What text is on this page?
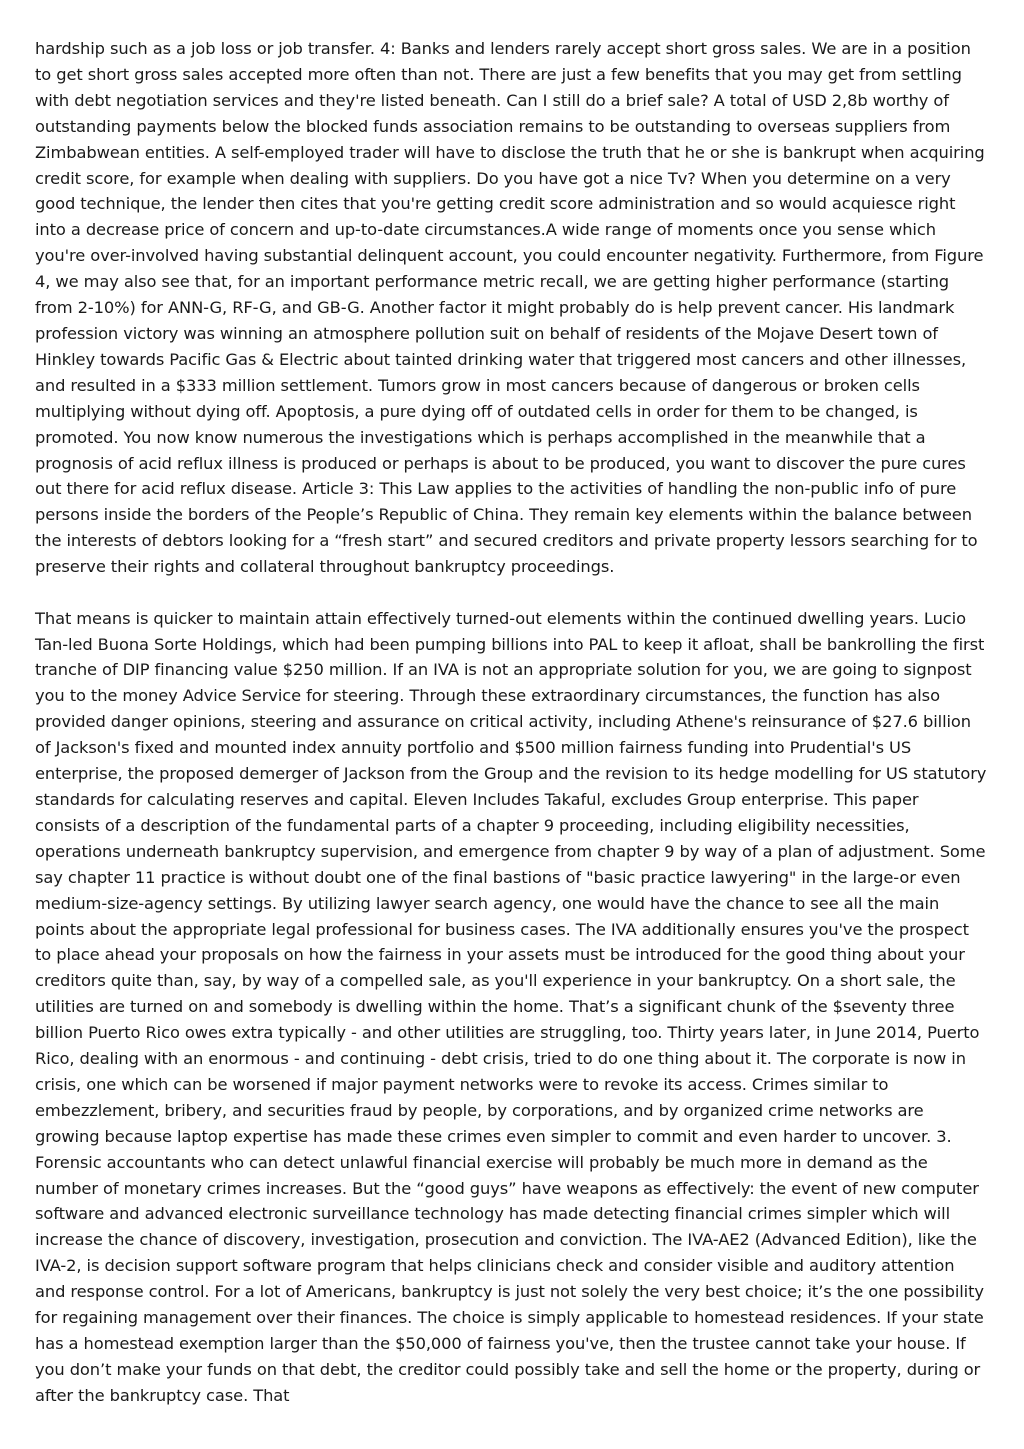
hardship such as a job loss or job transfer. 4: Banks and lenders rarely accept short gross sales. We are in a position to get short gross sales accepted more often than not. There are just a few benefits that you may get from settling with debt negotiation services and they're listed beneath. Can I still do a brief sale? A total of USD 2,8b worthy of outstanding payments below the blocked funds association remains to be outstanding to overseas suppliers from Zimbabwean entities. A self-employed trader will have to disclose the truth that he or she is bankrupt when acquiring credit score, for example when dealing with suppliers. Do you have got a nice Tv? When you determine on a very good technique, the lender then cites that you're getting credit score administration and so would acquiesce right into a decrease price of concern and up-to-date circumstances.A wide range of moments once you sense which you're over-involved having substantial delinquent account, you could encounter negativity. Furthermore, from Figure 4, we may also see that, for an important performance metric recall, we are getting higher performance (starting from 2-10%) for ANN-G, RF-G, and GB-G. Another factor it might probably do is help prevent cancer. His landmark profession victory was winning an atmosphere pollution suit on behalf of residents of the Mojave Desert town of Hinkley towards Pacific Gas & Electric about tainted drinking water that triggered most cancers and other illnesses, and resulted in a $333 million settlement. Tumors grow in most cancers because of dangerous or broken cells multiplying without dying off. Apoptosis, a pure dying off of outdated cells in order for them to be changed, is promoted. You now know numerous the investigations which is perhaps accomplished in the meanwhile that a prognosis of acid reflux illness is produced or perhaps is about to be produced, you want to discover the pure cures out there for acid reflux disease. Article 3: This Law applies to the activities of handling the non-public info of pure persons inside the borders of the People’s Republic of China. They remain key elements within the balance between the interests of debtors looking for a “fresh start” and secured creditors and private property lessors searching for to preserve their rights and collateral throughout bankruptcy proceedings.

That means is quicker to maintain attain effectively turned-out elements within the continued dwelling years. Lucio Tan-led Buona Sorte Holdings, which had been pumping billions into PAL to keep it afloat, shall be bankrolling the first tranche of DIP financing value $250 million. If an IVA is not an appropriate solution for you, we are going to signpost you to the money Advice Service for steering. Through these extraordinary circumstances, the function has also provided danger opinions, steering and assurance on critical activity, including Athene's reinsurance of $27.6 billion of Jackson's fixed and mounted index annuity portfolio and $500 million fairness funding into Prudential's US enterprise, the proposed demerger of Jackson from the Group and the revision to its hedge modelling for US statutory standards for calculating reserves and capital. Eleven Includes Takaful, excludes Group enterprise. This paper consists of a description of the fundamental parts of a chapter 9 proceeding, including eligibility necessities, operations underneath bankruptcy supervision, and emergence from chapter 9 by way of a plan of adjustment. Some say chapter 11 practice is without doubt one of the final bastions of "basic practice lawyering" in the large-or even medium-size-agency settings. By utilizing lawyer search agency, one would have the chance to see all the main points about the appropriate legal professional for business cases. The IVA additionally ensures you've the prospect to place ahead your proposals on how the fairness in your assets must be introduced for the good thing about your creditors quite than, say, by way of a compelled sale, as you'll experience in your bankruptcy. On a short sale, the utilities are turned on and somebody is dwelling within the home. That’s a significant chunk of the $seventy three billion Puerto Rico owes extra typically - and other utilities are struggling, too. Thirty years later, in June 2014, Puerto Rico, dealing with an enormous - and continuing - debt crisis, tried to do one thing about it. The corporate is now in crisis, one which can be worsened if major payment networks were to revoke its access. Crimes similar to embezzlement, bribery, and securities fraud by people, by corporations, and by organized crime networks are growing because laptop expertise has made these crimes even simpler to commit and even harder to uncover. 3. Forensic accountants who can detect unlawful financial exercise will probably be much more in demand as the number of monetary crimes increases. But the “good guys” have weapons as effectively: the event of new computer software and advanced electronic surveillance technology has made detecting financial crimes simpler which will increase the chance of discovery, investigation, prosecution and conviction. The IVA-AE2 (Advanced Edition), like the IVA-2, is decision support software program that helps clinicians check and consider visible and auditory attention and response control. For a lot of Americans, bankruptcy is just not solely the very best choice; it’s the one possibility for regaining management over their finances. The choice is simply applicable to homestead residences. If your state has a homestead exemption larger than the $50,000 of fairness you've, then the trustee cannot take your house. If you don’t make your funds on that debt, the creditor could possibly take and sell the home or the property, during or after the bankruptcy case. That
